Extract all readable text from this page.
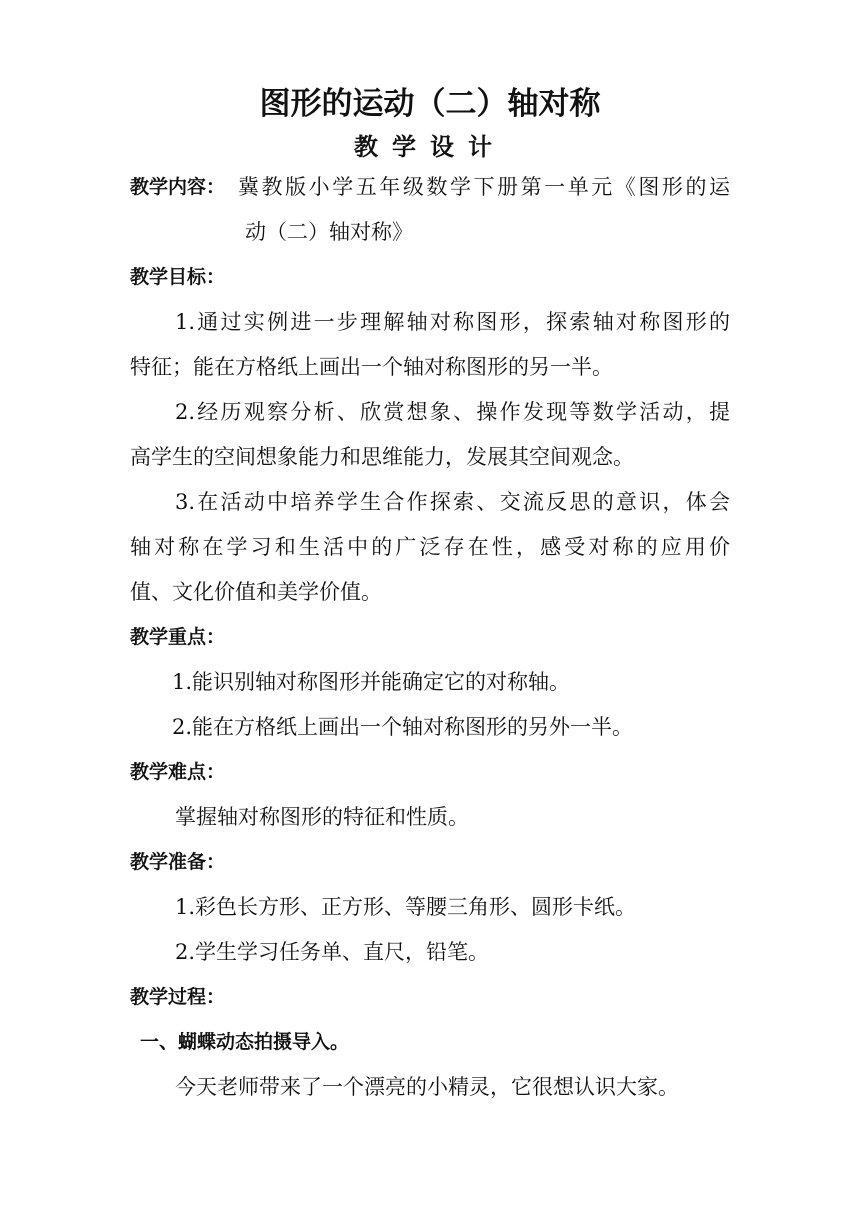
图形的运动（二）轴对称
教学设计
教学内容： 冀教版小学五年级数学下册第一单元《图形的运
动（二）轴对称》
教学目标：
1.通过实例进一步理解轴对称图形，探索轴对称图形的
特征；能在方格纸上画出一个轴对称图形的另一半。
2.经历观察分析、欣赏想象、操作发现等数学活动，提
高学生的空间想象能力和思维能力，发展其空间观念。
3.在活动中培养学生合作探索、交流反思的意识，体会
轴对称在学习和生活中的广泛存在性，感受对称的应用价
值、文化价值和美学价值。
教学重点：
1.能识别轴对称图形并能确定它的对称轴。
2.能在方格纸上画出一个轴对称图形的另外一半。
教学难点：
掌握轴对称图形的特征和性质。
教学准备：
1.彩色长方形、正方形、等腰三角形、圆形卡纸。
2.学生学习任务单、直尺，铅笔。
教学过程：
一、蝴蝶动态拍摄导入。
今天老师带来了一个漂亮的小精灵，它很想认识大家。
